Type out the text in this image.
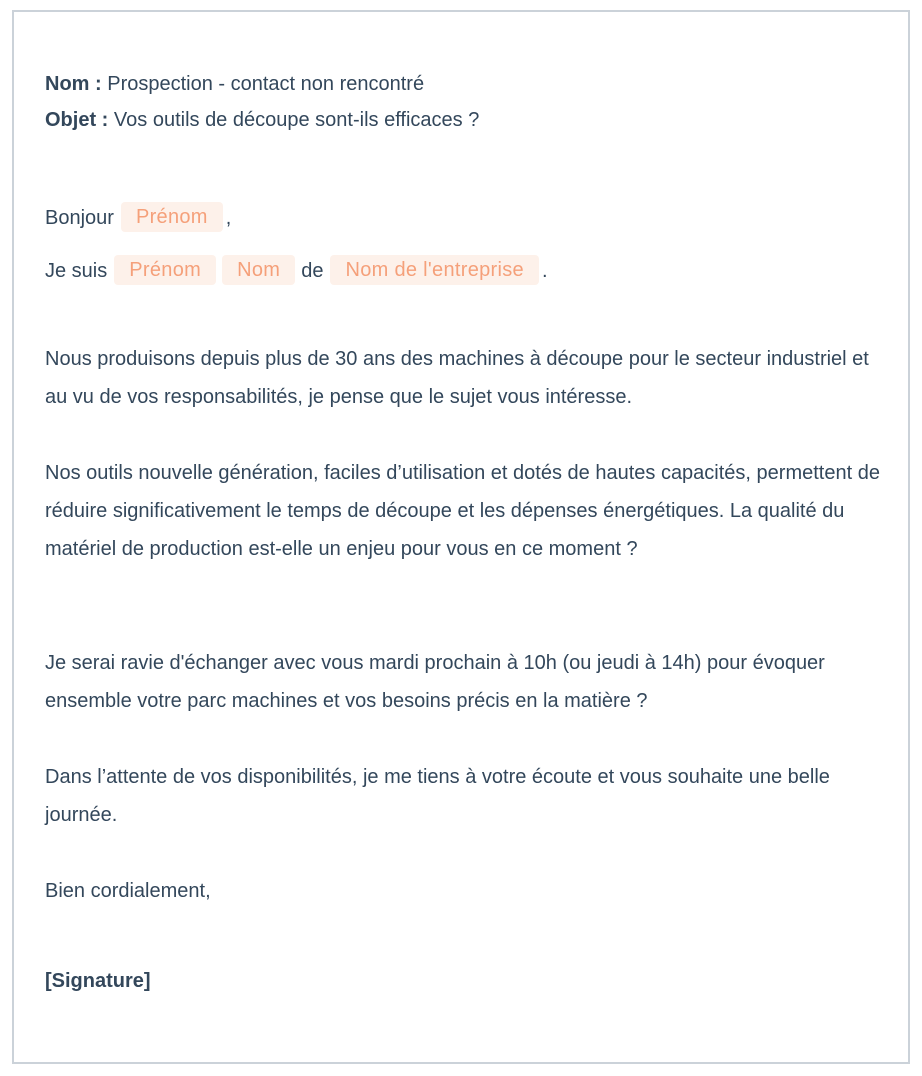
Nom : Prospection - contact non rencontré
Objet : Vos outils de découpe sont-ils efficaces ?
Bonjour Prénom ,
Je suis Prénom Nom de Nom de l'entreprise .
Nous produisons depuis plus de 30 ans des machines à découpe pour le secteur industriel et au vu de vos responsabilités, je pense que le sujet vous intéresse.
Nos outils nouvelle génération, faciles d’utilisation et dotés de hautes capacités, permettent de réduire significativement le temps de découpe et les dépenses énergétiques. La qualité du matériel de production est-elle un enjeu pour vous en ce moment ?
Je serai ravie d'échanger avec vous mardi prochain à 10h (ou jeudi à 14h) pour évoquer ensemble votre parc machines et vos besoins précis en la matière ?
Dans l’attente de vos disponibilités, je me tiens à votre écoute et vous souhaite une belle journée.
Bien cordialement,
[Signature]
